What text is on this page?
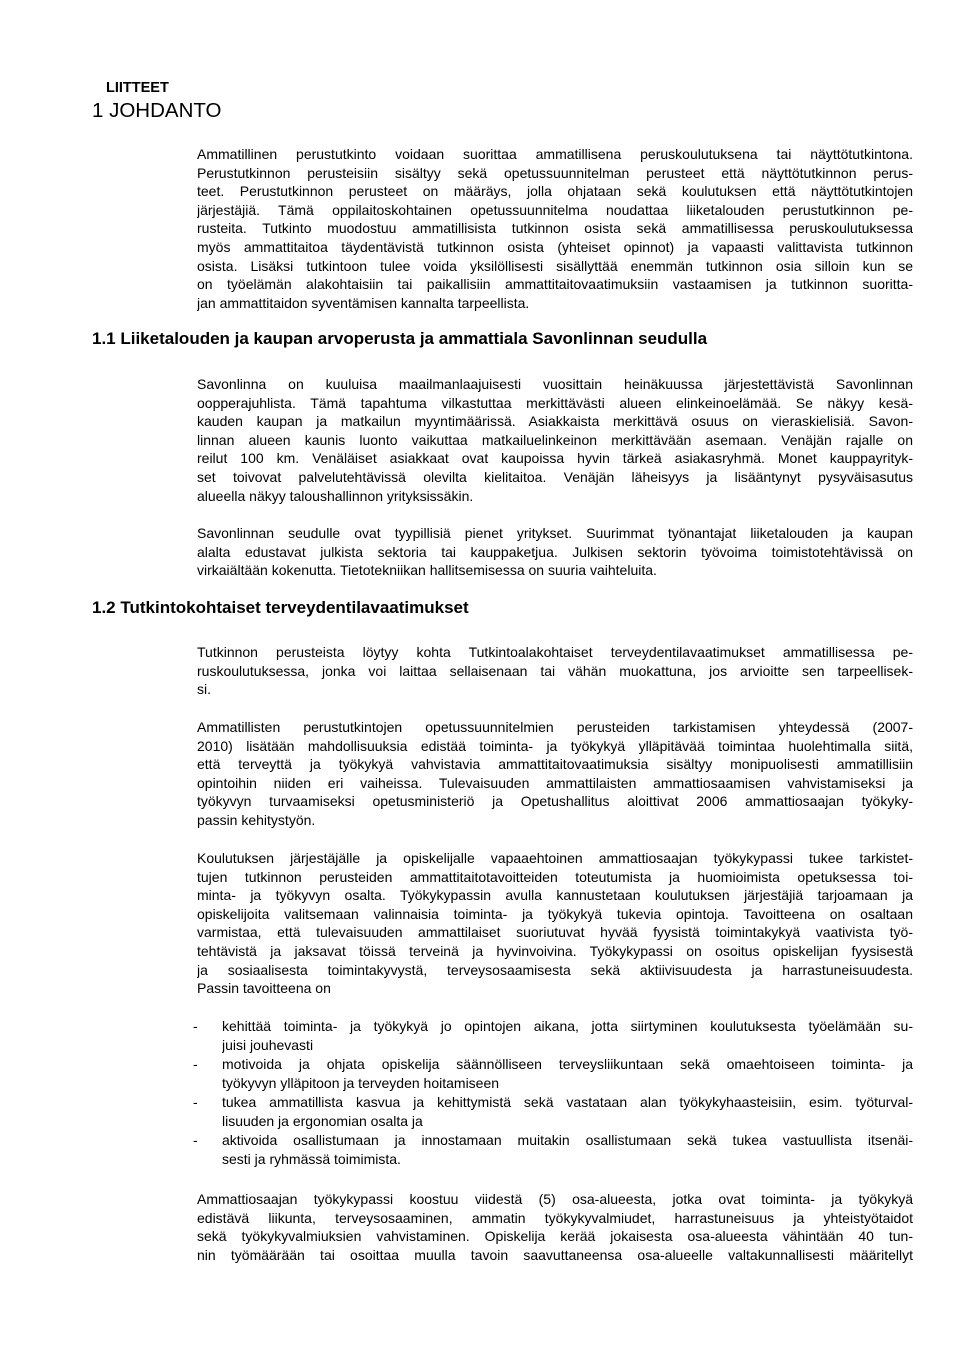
LIITTEET
1 JOHDANTO
Ammatillinen perustutkinto voidaan suorittaa ammatillisena peruskoulutuksena tai näyttötutkintona.
Perustutkinnon perusteisiin sisältyy sekä opetussuunnitelman perusteet että näyttötutkinnon perus-
teet. Perustutkinnon perusteet on määräys, jolla ohjataan sekä koulutuksen että näyttötutkintojen
järjestäjiä. Tämä oppilaitoskohtainen opetussuunnitelma noudattaa liiketalouden perustutkinnon pe-
rusteita. Tutkinto muodostuu ammatillisista tutkinnon osista sekä ammatillisessa peruskoulutuksessa
myös ammattitaitoa täydentävistä tutkinnon osista (yhteiset opinnot) ja vapaasti valittavista tutkinnon
osista. Lisäksi tutkintoon tulee voida yksilöllisesti sisällyttää enemmän tutkinnon osia silloin kun se
on työelämän alakohtaisiin tai paikallisiin ammattitaitovaatimuksiin vastaamisen ja tutkinnon suoritta-
jan ammattitaidon syventämisen kannalta tarpeellista.
1.1 Liiketalouden ja kaupan arvoperusta ja ammattiala Savonlinnan seudulla
Savonlinna on kuuluisa maailmanlaajuisesti vuosittain heinäkuussa järjestettävistä Savonlinnan
oopperajuhlista. Tämä tapahtuma vilkastuttaa merkittävästi alueen elinkeinoelämää. Se näkyy kesä-
kauden kaupan ja matkailun myyntimäärissä. Asiakkaista merkittävä osuus on vieraskielisiä. Savon-
linnan alueen kaunis luonto vaikuttaa matkailuelinkeinon merkittävään asemaan. Venäjän rajalle on
reilut 100 km. Venäläiset asiakkaat ovat kaupoissa hyvin tärkeä asiakasryhmä. Monet kauppayrityk-
set toivovat palvelutehtävissä olevilta kielitaitoa. Venäjän läheisyys ja lisääntynyt pysyväisasutus
alueella näkyy taloushallinnon yrityksissäkin.
Savonlinnan seudulle ovat tyypillisiä pienet yritykset. Suurimmat työnantajat liiketalouden ja kaupan
alalta edustavat julkista sektoria tai kauppaketjua. Julkisen sektorin työvoima toimistotehtävissä on
virkaiältään kokenutta. Tietotekniikan hallitsemisessa on suuria vaihteluita.
1.2 Tutkintokohtaiset terveydentilavaatimukset
Tutkinnon perusteista löytyy kohta Tutkintoalakohtaiset terveydentilavaatimukset ammatillisessa pe-
ruskoulutuksessa, jonka voi laittaa sellaisenaan tai vähän muokattuna, jos arvioitte sen tarpeellisek-
si.
Ammatillisten perustutkintojen opetussuunnitelmien perusteiden tarkistamisen yhteydessä (2007-
2010) lisätään mahdollisuuksia edistää toiminta- ja työkykyä ylläpitävää toimintaa huolehtimalla siitä,
että terveyttä ja työkykyä vahvistavia ammattitaitovaatimuksia sisältyy monipuolisesti ammatillisiin
opintoihin niiden eri vaiheissa. Tulevaisuuden ammattilaisten ammattiosaamisen vahvistamiseksi ja
työkyvyn turvaamiseksi opetusministeriö ja Opetushallitus aloittivat 2006 ammattiosaajan työkyky-
passin kehitystyön.
Koulutuksen järjestäjälle ja opiskelijalle vapaaehtoinen ammattiosaajan työkykypassi tukee tarkistet-
tujen tutkinnon perusteiden ammattitaitotavoitteiden toteutumista ja huomioimista opetuksessa toi-
minta- ja työkyvyn osalta. Työkykypassin avulla kannustetaan koulutuksen järjestäjiä tarjoamaan ja
opiskelijoita valitsemaan valinnaisia toiminta- ja työkykyä tukevia opintoja. Tavoitteena on osaltaan
varmistaa, että tulevaisuuden ammattilaiset suoriutuvat hyvää fyysistä toimintakykyä vaativista työ-
tehtävistä ja jaksavat töissä terveinä ja hyvinvoivina. Työkykypassi on osoitus opiskelijan fyysisestä
ja sosiaalisesta toimintakyvystä, terveysosaamisesta sekä aktiivisuudesta ja harrastuneisuudesta.
Passin tavoitteena on
- kehittää toiminta- ja työkykyä jo opintojen aikana, jotta siirtyminen koulutuksesta työelämään su-
juisi jouhevasti
- motivoida ja ohjata opiskelija säännölliseen terveysliikuntaan sekä omaehtoiseen toiminta- ja
työkyvyn ylläpitoon ja terveyden hoitamiseen
- tukea ammatillista kasvua ja kehittymistä sekä vastataan alan työkykyhaasteisiin, esim. työturval-
lisuuden ja ergonomian osalta ja
- aktivoida osallistumaan ja innostamaan muitakin osallistumaan sekä tukea vastuullista itsenäi-
sesti ja ryhmässä toimimista.
Ammattiosaajan työkykypassi koostuu viidestä (5) osa-alueesta, jotka ovat toiminta- ja työkykyä
edistävä liikunta, terveysosaaminen, ammatin työkykyvalmiudet, harrastuneisuus ja yhteistyötaidot
sekä työkykyvalmiuksien vahvistaminen. Opiskelija kerää jokaisesta osa-alueesta vähintään 40 tun-
nin työmäärään tai osoittaa muulla tavoin saavuttaneensa osa-alueelle valtakunnallisesti määritellyt
